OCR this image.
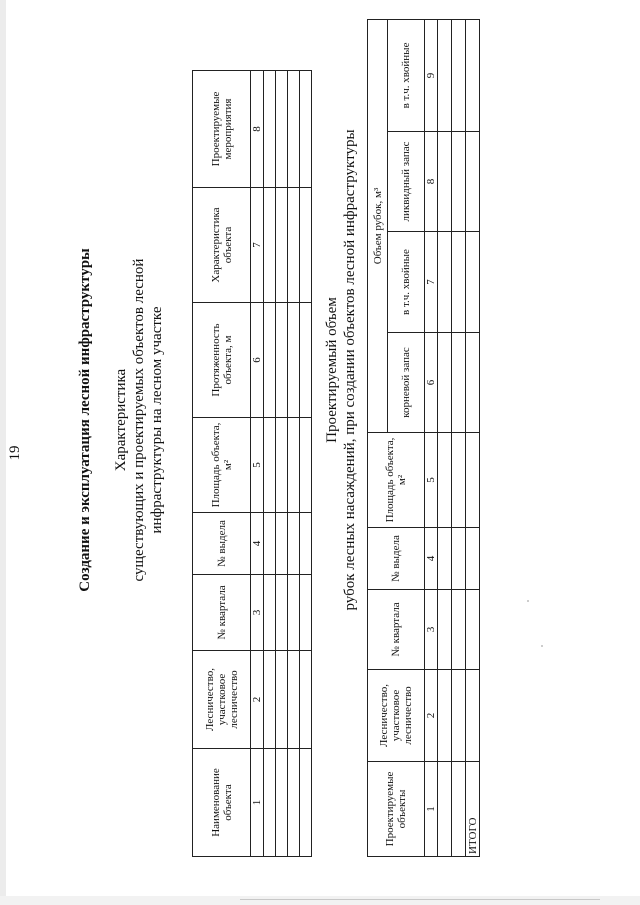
19	Создание и эксплуатация лесной инфраструктуры Характеристика существующих и проектируемых объектов лесной инфраструктуры на лесном участке
Наименование объекта	Лесничество, участковое лесничество	№ квартала	№ выдела	Площадь объекта, м²	Протяженность объекта, м	Характеристика объекта	Проектируемые мероприятия
1	2	3	4	5	6	7	8

Проектируемый объем рубок лесных насаждений, при создании объектов лесной инфраструктуры
Проектируемые объекты	Лесничество, участковое лесничество	№ квартала	№ выдела	Площадь объекта, м²	Объем рубок, м³			
					корневой запас	в т.ч. хвойные	ликвидный запас	в т.ч. хвойные
1	2	3	4	5	6	7	8	9

ИТОГО								
